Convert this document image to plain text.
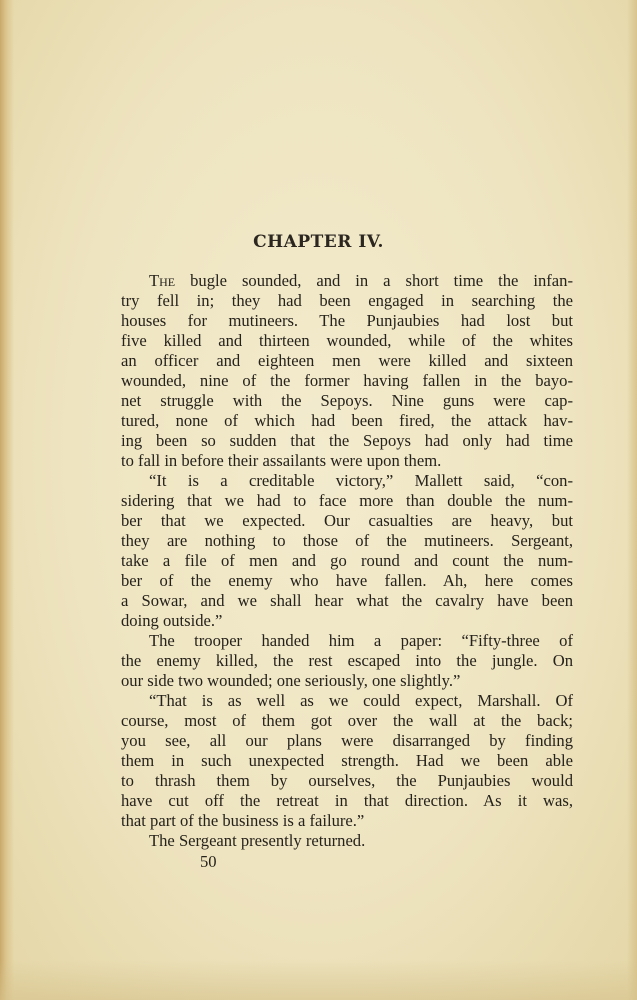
CHAPTER IV.
The bugle sounded, and in a short time the infan-
try fell in; they had been engaged in searching the
houses for mutineers. The Punjaubies had lost but
five killed and thirteen wounded, while of the whites
an officer and eighteen men were killed and sixteen
wounded, nine of the former having fallen in the bayo-
net struggle with the Sepoys. Nine guns were cap-
tured, none of which had been fired, the attack hav-
ing been so sudden that the Sepoys had only had time
to fall in before their assailants were upon them.
“It is a creditable victory,” Mallett said, “con-
sidering that we had to face more than double the num-
ber that we expected. Our casualties are heavy, but
they are nothing to those of the mutineers. Sergeant,
take a file of men and go round and count the num-
ber of the enemy who have fallen. Ah, here comes
a Sowar, and we shall hear what the cavalry have been
doing outside.”
The trooper handed him a paper: “Fifty-three of
the enemy killed, the rest escaped into the jungle. On
our side two wounded; one seriously, one slightly.”
“That is as well as we could expect, Marshall. Of
course, most of them got over the wall at the back;
you see, all our plans were disarranged by finding
them in such unexpected strength. Had we been able
to thrash them by ourselves, the Punjaubies would
have cut off the retreat in that direction. As it was,
that part of the business is a failure.”
The Sergeant presently returned.
50
